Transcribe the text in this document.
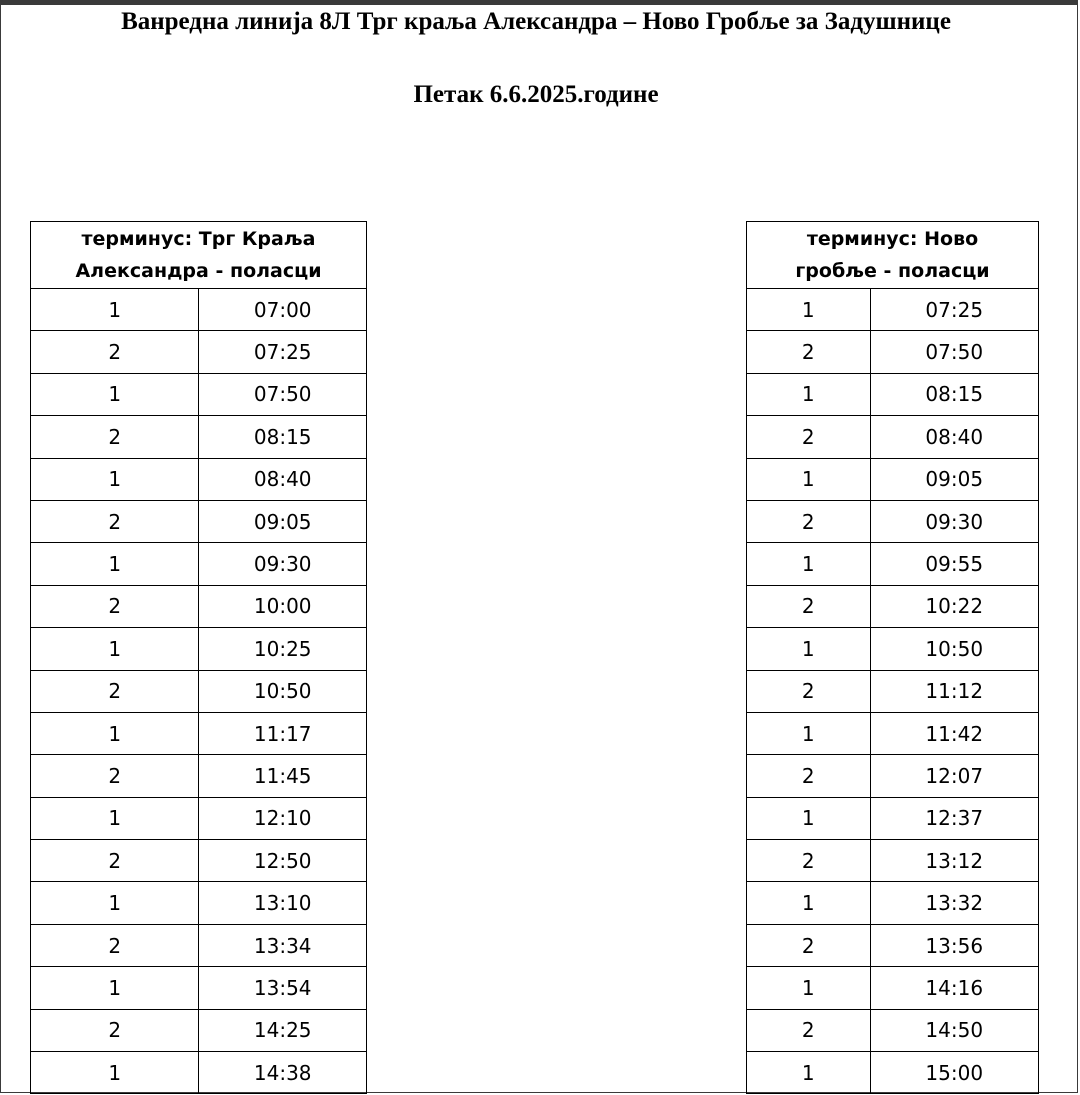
Ванредна линија 8Л Трг краља Александра – Ново Гробље за Задушнице
Петак 6.6.2025.године
терминус: Трг Краља
Александра - поласци	
1	07:00
2	07:25
1	07:50
2	08:15
1	08:40
2	09:05
1	09:30
2	10:00
1	10:25
2	10:50
1	11:17
2	11:45
1	12:10
2	12:50
1	13:10
2	13:34
1	13:54
2	14:25
1	14:38
терминус: Ново
гробље - поласци	
1	07:25
2	07:50
1	08:15
2	08:40
1	09:05
2	09:30
1	09:55
2	10:22
1	10:50
2	11:12
1	11:42
2	12:07
1	12:37
2	13:12
1	13:32
2	13:56
1	14:16
2	14:50
1	15:00
